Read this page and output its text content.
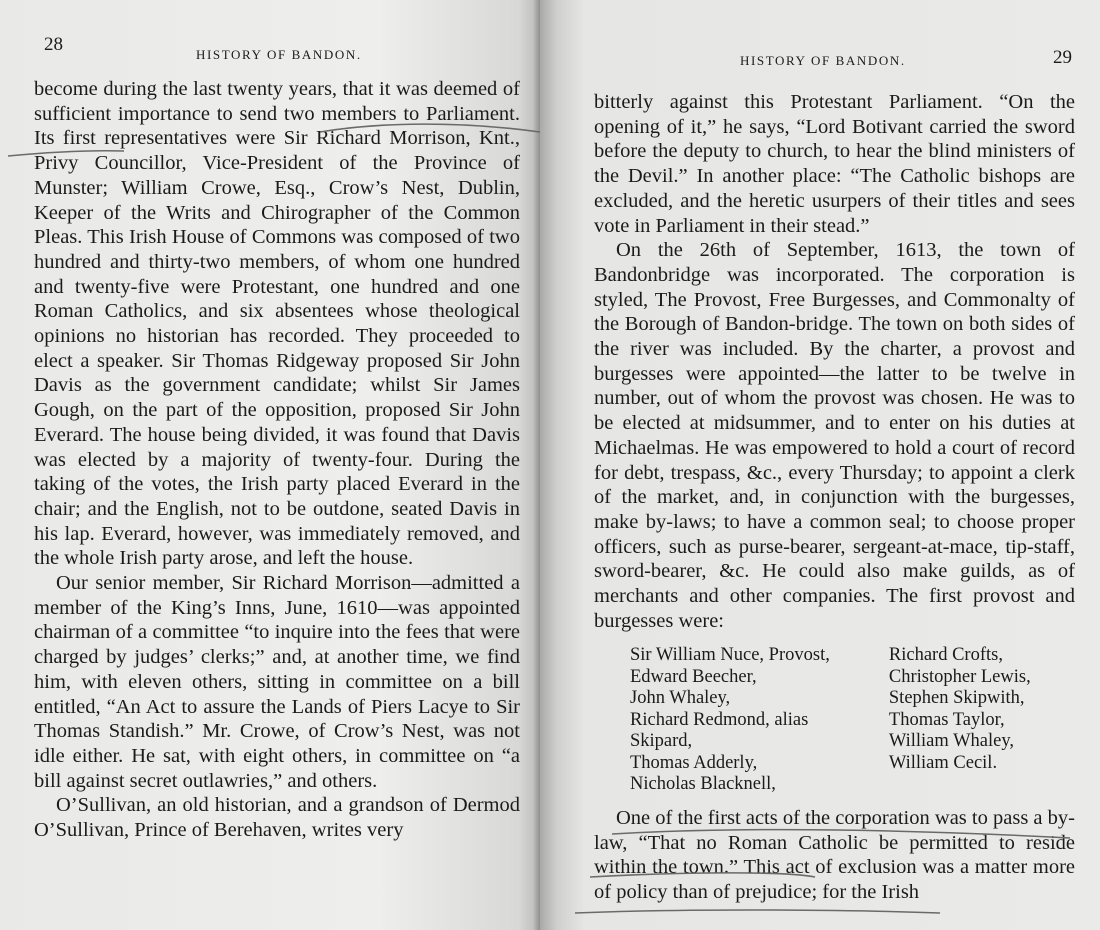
28	HISTORY OF BANDON.

become during the last twenty years, that it was deemed of sufficient importance to send two members to Parliament. Its first representatives were Sir Richard Morrison, Knt., Privy Councillor, Vice-President of the Province of Munster; William Crowe, Esq., Crow’s Nest, Dublin, Keeper of the Writs and Chirographer of the Common Pleas. This Irish House of Commons was composed of two hundred and thirty-two members, of whom one hundred and twenty-five were Protestant, one hundred and one Roman Catholics, and six absentees whose theological opinions no historian has recorded. They proceeded to elect a speaker. Sir Thomas Ridgeway proposed Sir John Davis as the government candidate; whilst Sir James Gough, on the part of the opposition, proposed Sir John Everard. The house being divided, it was found that Davis was elected by a majority of twenty-four. During the taking of the votes, the Irish party placed Everard in the chair; and the English, not to be outdone, seated Davis in his lap. Everard, however, was immediately removed, and the whole Irish party arose, and left the house.

Our senior member, Sir Richard Morrison—admitted a member of the King’s Inns, June, 1610—was appointed chairman of a committee “to inquire into the fees that were charged by judges’ clerks;” and, at another time, we find him, with eleven others, sitting in committee on a bill entitled, “An Act to assure the Lands of Piers Lacye to Sir Thomas Standish.” Mr. Crowe, of Crow’s Nest, was not idle either. He sat, with eight others, in committee on “a bill against secret outlawries,” and others.

O’Sullivan, an old historian, and a grandson of Dermod O’Sullivan, Prince of Berehaven, writes very

HISTORY OF BANDON.	29

bitterly against this Protestant Parliament. “On the opening of it,” he says, “Lord Botivant carried the sword before the deputy to church, to hear the blind ministers of the Devil.” In another place: “The Catholic bishops are excluded, and the heretic usurpers of their titles and sees vote in Parliament in their stead.”

On the 26th of September, 1613, the town of Bandonbridge was incorporated. The corporation is styled, The Provost, Free Burgesses, and Commonalty of the Borough of Bandon-bridge. The town on both sides of the river was included. By the charter, a provost and burgesses were appointed—the latter to be twelve in number, out of whom the provost was chosen. He was to be elected at midsummer, and to enter on his duties at Michaelmas. He was empowered to hold a court of record for debt, trespass, &c., every Thursday; to appoint a clerk of the market, and, in conjunction with the burgesses, make by-laws; to have a common seal; to choose proper officers, such as purse-bearer, sergeant-at-mace, tip-staff, sword-bearer, &c. He could also make guilds, as of merchants and other companies. The first provost and burgesses were:

Sir William Nuce, Provost,
Edward Beecher,
John Whaley,
Richard Redmond, alias Skipard,
Thomas Adderly,
Nicholas Blacknell,
Richard Crofts,
Christopher Lewis,
Stephen Skipwith,
Thomas Taylor,
William Whaley,
William Cecil.

One of the first acts of the corporation was to pass a by-law, “That no Roman Catholic be permitted to reside within the town.” This act of exclusion was a matter more of policy than of prejudice; for the Irish
